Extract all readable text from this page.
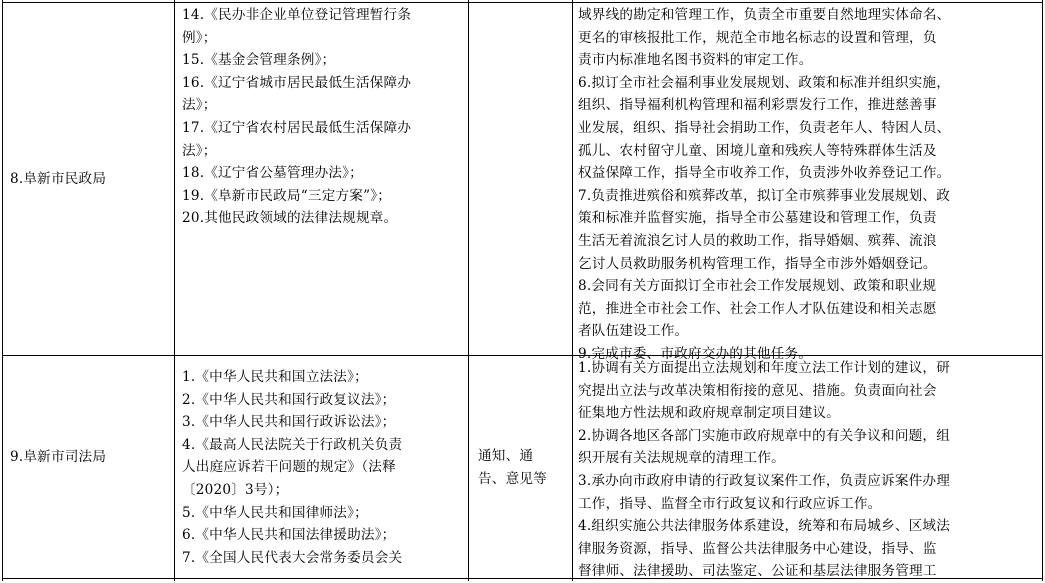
8.阜新市民政局
14.《民办非企业单位登记管理暂行条
例》；
15.《基金会管理条例》；
16.《辽宁省城市居民最低生活保障办
法》；
17.《辽宁省农村居民最低生活保障办
法》；
18.《辽宁省公墓管理办法》；
19.《阜新市民政局“三定方案”》；
20.其他民政领域的法律法规规章。
域界线的勘定和管理工作，负责全市重要自然地理实体命名、
更名的审核报批工作，规范全市地名标志的设置和管理，负
责市内标准地名图书资料的审定工作。
6.拟订全市社会福利事业发展规划、政策和标准并组织实施，
组织、指导福利机构管理和福利彩票发行工作，推进慈善事
业发展，组织、指导社会捐助工作，负责老年人、特困人员、
孤儿、农村留守儿童、困境儿童和残疾人等特殊群体生活及
权益保障工作，指导全市收养工作，负责涉外收养登记工作。
7.负责推进殡俗和殡葬改革，拟订全市殡葬事业发展规划、政
策和标准并监督实施，指导全市公墓建设和管理工作，负责
生活无着流浪乞讨人员的救助工作，指导婚姻、殡葬、流浪
乞讨人员救助服务机构管理工作，指导全市涉外婚姻登记。
8.会同有关方面拟订全市社会工作发展规划、政策和职业规
范，推进全市社会工作、社会工作人才队伍建设和相关志愿
者队伍建设工作。
9.完成市委、市政府交办的其他任务。
9.阜新市司法局
1.《中华人民共和国立法法》；
2.《中华人民共和国行政复议法》；
3.《中华人民共和国行政诉讼法》；
4.《最高人民法院关于行政机关负责
人出庭应诉若干问题的规定》（法释
〔2020〕3号）；
5.《中华人民共和国律师法》；
6.《中华人民共和国法律援助法》；
7.《全国人民代表大会常务委员会关
通知、通
告、意见等
1.协调有关方面提出立法规划和年度立法工作计划的建议，研
究提出立法与改革决策相衔接的意见、措施。负责面向社会
征集地方性法规和政府规章制定项目建议。
2.协调各地区各部门实施市政府规章中的有关争议和问题，组
织开展有关法规规章的清理工作。
3.承办向市政府申请的行政复议案件工作，负责应诉案件办理
工作，指导、监督全市行政复议和行政应诉工作。
4.组织实施公共法律服务体系建设，统筹和布局城乡、区域法
律服务资源，指导、监督公共法律服务中心建设，指导、监
督律师、法律援助、司法鉴定、公证和基层法律服务管理工
